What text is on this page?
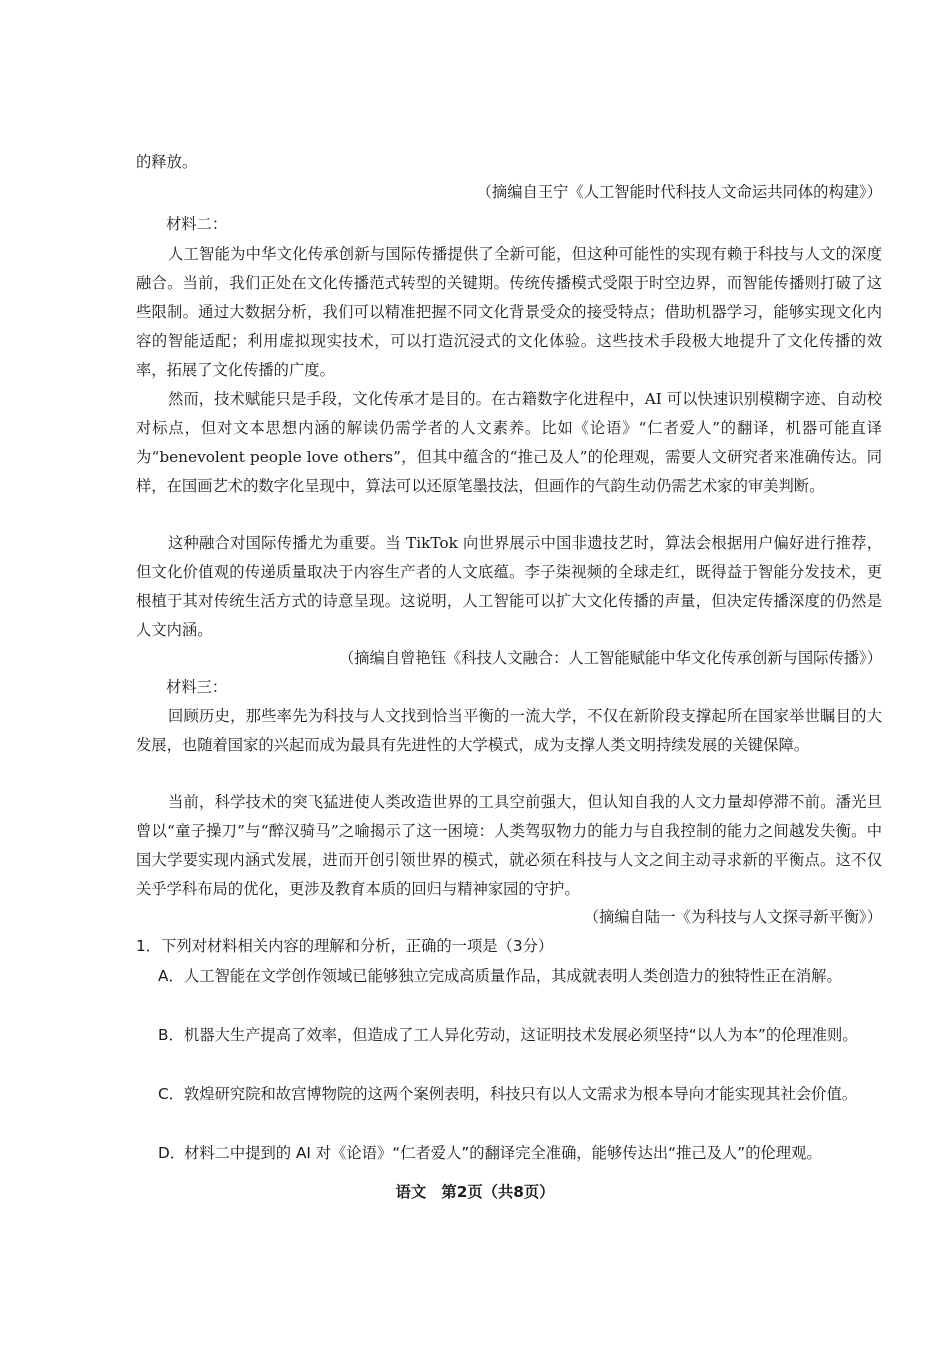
的释放。

（摘编自王宁《人工智能时代科技人文命运共同体的构建》）

材料二：

人工智能为中华文化传承创新与国际传播提供了全新可能，但这种可能性的实现有赖于科技与人文的深度融合。当前，我们正处在文化传播范式转型的关键期。传统传播模式受限于时空边界，而智能传播则打破了这些限制。通过大数据分析，我们可以精准把握不同文化背景受众的接受特点；借助机器学习，能够实现文化内容的智能适配；利用虚拟现实技术，可以打造沉浸式的文化体验。这些技术手段极大地提升了文化传播的效率，拓展了文化传播的广度。

然而，技术赋能只是手段，文化传承才是目的。在古籍数字化进程中，AI 可以快速识别模糊字迹、自动校对标点，但对文本思想内涵的解读仍需学者的人文素养。比如《论语》“仁者爱人”的翻译，机器可能直译为“benevolent people love others”，但其中蕴含的“推己及人”的伦理观，需要人文研究者来准确传达。同样，在国画艺术的数字化呈现中，算法可以还原笔墨技法，但画作的气韵生动仍需艺术家的审美判断。

这种融合对国际传播尤为重要。当 TikTok 向世界展示中国非遗技艺时，算法会根据用户偏好进行推荐，但文化价值观的传递质量取决于内容生产者的人文底蕴。李子柒视频的全球走红，既得益于智能分发技术，更根植于其对传统生活方式的诗意呈现。这说明，人工智能可以扩大文化传播的声量，但决定传播深度的仍然是人文内涵。

（摘编自曾艳钰《科技人文融合：人工智能赋能中华文化传承创新与国际传播》）

材料三：

回顾历史，那些率先为科技与人文找到恰当平衡的一流大学，不仅在新阶段支撑起所在国家举世瞩目的大发展，也随着国家的兴起而成为最具有先进性的大学模式，成为支撑人类文明持续发展的关键保障。

当前，科学技术的突飞猛进使人类改造世界的工具空前强大，但认知自我的人文力量却停滞不前。潘光旦曾以“童子操刀”与“醉汉骑马”之喻揭示了这一困境：人类驾驭物力的能力与自我控制的能力之间越发失衡。中国大学要实现内涵式发展，进而开创引领世界的模式，就必须在科技与人文之间主动寻求新的平衡点。这不仅关乎学科布局的优化，更涉及教育本质的回归与精神家园的守护。

（摘编自陆一《为科技与人文探寻新平衡》）

1．下列对材料相关内容的理解和分析，正确的一项是（3分）

A． 人工智能在文学创作领域已能够独立完成高质量作品，其成就表明人类创造力的独特性正在消解。
B． 机器大生产提高了效率，但造成了工人异化劳动，这证明技术发展必须坚持“以人为本”的伦理准则。
C． 敦煌研究院和故宫博物院的这两个案例表明，科技只有以人文需求为根本导向才能实现其社会价值。
D．
材料二中提到的 AI 对《论语》“仁者爱人”的翻译完全准确，能够传达出“推己及人”的伦理观。

语文　第2页（共8页）
